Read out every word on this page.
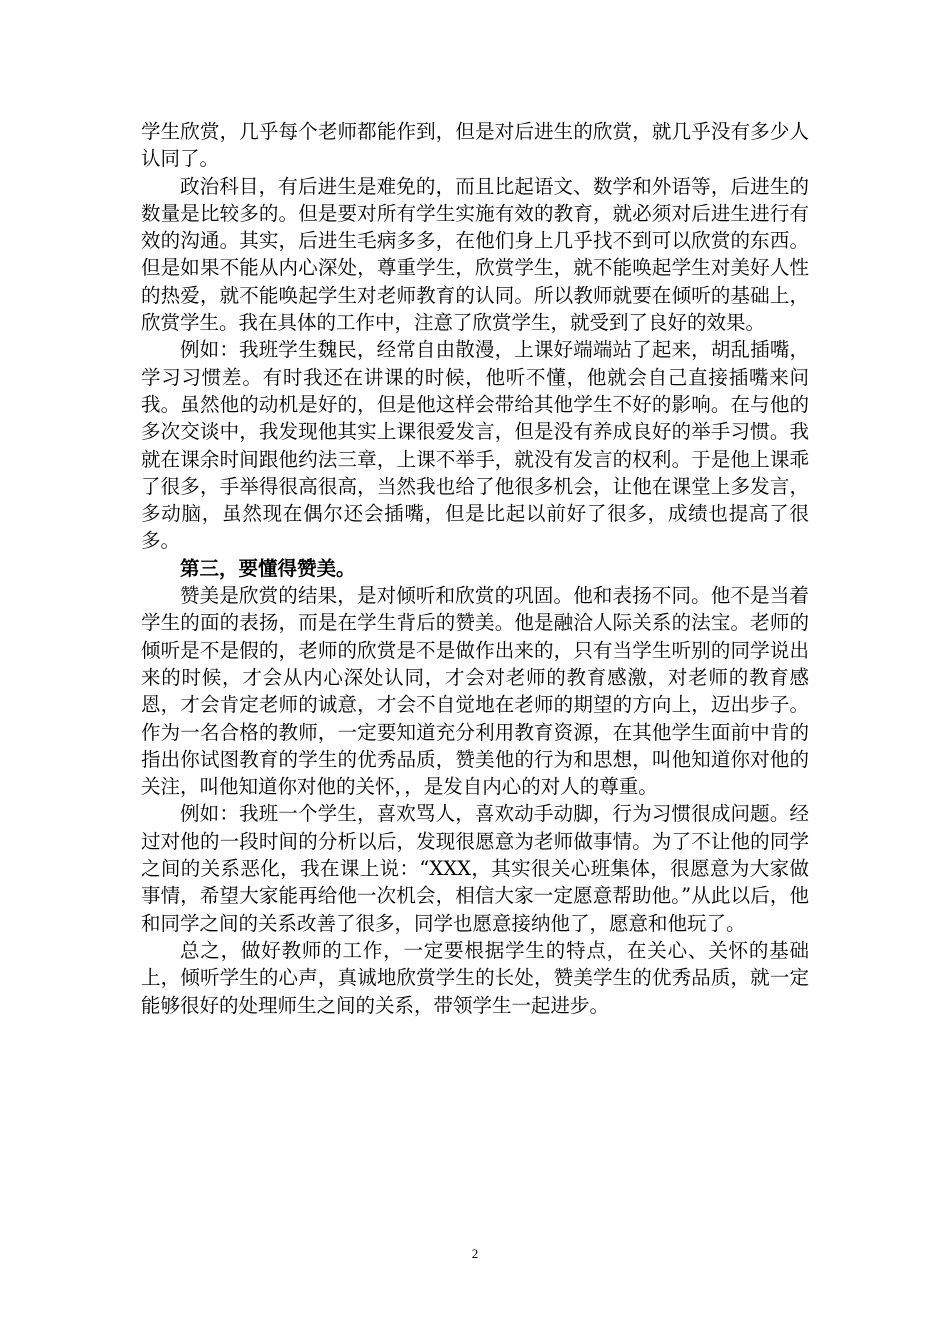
学生欣赏，几乎每个老师都能作到，但是对后进生的欣赏，就几乎没有多少人认同了。

政治科目，有后进生是难免的，而且比起语文、数学和外语等，后进生的数量是比较多的。但是要对所有学生实施有效的教育，就必须对后进生进行有效的沟通。其实，后进生毛病多多，在他们身上几乎找不到可以欣赏的东西。但是如果不能从内心深处，尊重学生，欣赏学生，就不能唤起学生对美好人性的热爱，就不能唤起学生对老师教育的认同。所以教师就要在倾听的基础上，欣赏学生。我在具体的工作中，注意了欣赏学生，就受到了良好的效果。

例如：我班学生魏民，经常自由散漫，上课好端端站了起来，胡乱插嘴，学习习惯差。有时我还在讲课的时候，他听不懂，他就会自己直接插嘴来问我。虽然他的动机是好的，但是他这样会带给其他学生不好的影响。在与他的多次交谈中，我发现他其实上课很爱发言，但是没有养成良好的举手习惯。我就在课余时间跟他约法三章，上课不举手，就没有发言的权利。于是他上课乖了很多，手举得很高很高，当然我也给了他很多机会，让他在课堂上多发言，多动脑，虽然现在偶尔还会插嘴，但是比起以前好了很多，成绩也提高了很多。

第三，要懂得赞美。

赞美是欣赏的结果，是对倾听和欣赏的巩固。他和表扬不同。他不是当着学生的面的表扬，而是在学生背后的赞美。他是融洽人际关系的法宝。老师的倾听是不是假的，老师的欣赏是不是做作出来的，只有当学生听别的同学说出来的时候，才会从内心深处认同，才会对老师的教育感激，对老师的教育感恩，才会肯定老师的诚意，才会不自觉地在老师的期望的方向上，迈出步子。作为一名合格的教师，一定要知道充分利用教育资源，在其他学生面前中肯的指出你试图教育的学生的优秀品质，赞美他的行为和思想，叫他知道你对他的关注，叫他知道你对他的关怀，，是发自内心的对人的尊重。

例如：我班一个学生，喜欢骂人，喜欢动手动脚，行为习惯很成问题。经过对他的一段时间的分析以后，发现很愿意为老师做事情。为了不让他的同学之间的关系恶化，我在课上说：“XXX，其实很关心班集体，很愿意为大家做事情，希望大家能再给他一次机会，相信大家一定愿意帮助他。”从此以后，他和同学之间的关系改善了很多，同学也愿意接纳他了，愿意和他玩了。

总之，做好教师的工作，一定要根据学生的特点，在关心、关怀的基础上，倾听学生的心声，真诚地欣赏学生的长处，赞美学生的优秀品质，就一定能够很好的处理师生之间的关系，带领学生一起进步。

2
